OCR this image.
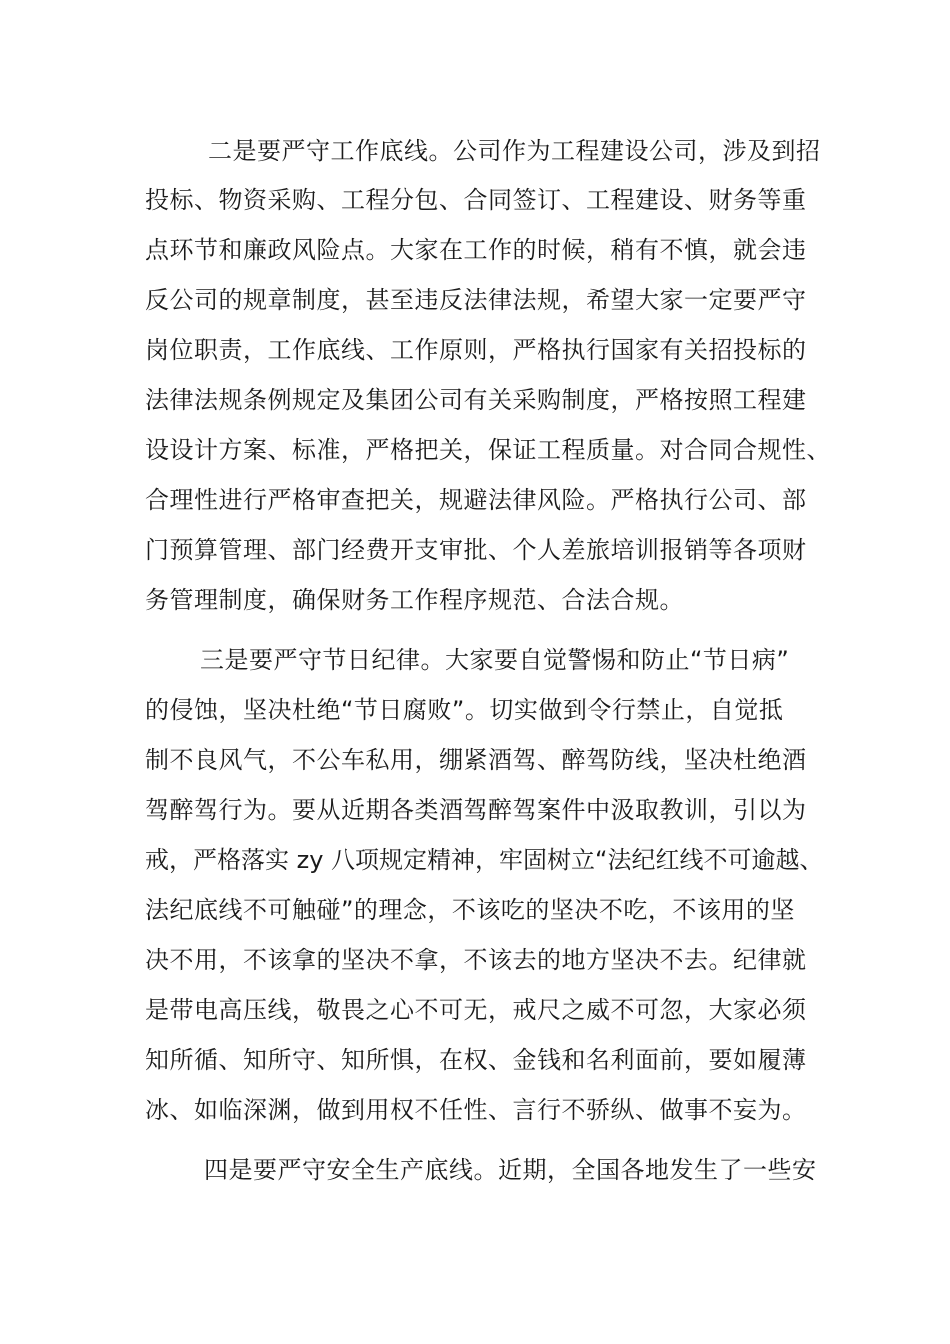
二是要严守工作底线。公司作为工程建设公司，涉及到招

投标、物资采购、工程分包、合同签订、工程建设、财务等重

点环节和廉政风险点。大家在工作的时候，稍有不慎，就会违

反公司的规章制度，甚至违反法律法规，希望大家一定要严守

岗位职责，工作底线、工作原则，严格执行国家有关招投标的

法律法规条例规定及集团公司有关采购制度，严格按照工程建

设设计方案、标准，严格把关，保证工程质量。对合同合规性、

合理性进行严格审查把关，规避法律风险。严格执行公司、部

门预算管理、部门经费开支审批、个人差旅培训报销等各项财

务管理制度，确保财务工作程序规范、合法合规。

三是要严守节日纪律。大家要自觉警惕和防止“节日病”

的侵蚀，坚决杜绝“节日腐败”。切实做到令行禁止，自觉抵

制不良风气，不公车私用，绷紧酒驾、醉驾防线，坚决杜绝酒

驾醉驾行为。要从近期各类酒驾醉驾案件中汲取教训，引以为

戒，严格落实 zy 八项规定精神，牢固树立“法纪红线不可逾越、

法纪底线不可触碰”的理念，不该吃的坚决不吃，不该用的坚

决不用，不该拿的坚决不拿，不该去的地方坚决不去。纪律就

是带电高压线，敬畏之心不可无，戒尺之威不可忽，大家必须

知所循、知所守、知所惧，在权、金钱和名利面前，要如履薄

冰、如临深渊，做到用权不任性、言行不骄纵、做事不妄为。

四是要严守安全生产底线。近期，全国各地发生了一些安
